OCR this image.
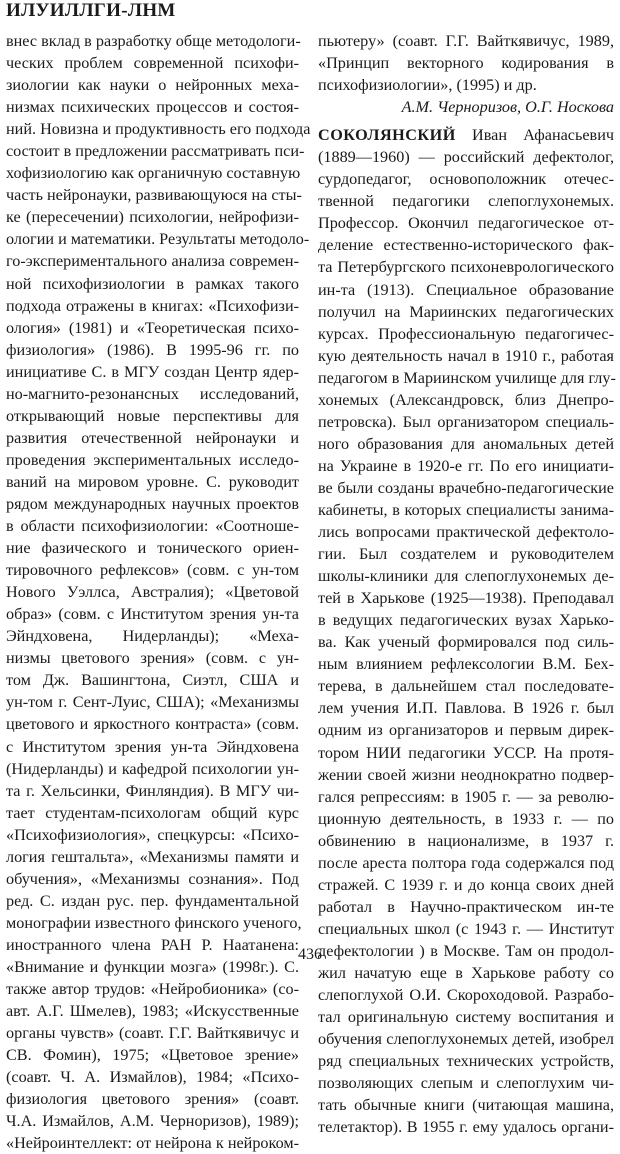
ИЛУИЛЛГИ-ЛНМ
внес вклад в разработку обще методологи-
ческих проблем современной психофи-
зиологии как науки о нейронных меха-
низмах психических процессов и состоя-
ний. Новизна и продуктивность его подхода
состоит в предложении рассматривать пси-
хофизиологию как органичную составную
часть нейронауки, развивающуюся на сты-
ке (пересечении) психологии, нейрофизи-
ологии и математики. Результаты методоло-
го-экспериментального анализа современ-
ной психофизиологии в рамках такого
подхода отражены в книгах: «Психофизи-
ология» (1981) и «Теоретическая психо-
физиология» (1986). В 1995-96 гг. по
инициативе С. в МГУ создан Центр ядер-
но-магнито-резонансных исследований,
открывающий новые перспективы для
развития отечественной нейронауки и
проведения экспериментальных исследо-
ваний на мировом уровне. С. руководит
рядом международных научных проектов
в области психофизиологии: «Соотноше-
ние фазического и тонического ориен-
тировочного рефлексов» (совм. с ун-том
Нового Уэллса, Австралия); «Цветовой
образ» (совм. с Институтом зрения ун-та
Эйндховена, Нидерланды); «Меха-
низмы цветового зрения» (совм. с ун-
том Дж. Вашингтона, Сиэтл, США и
ун-том г. Сент-Луис, США); «Механизмы
цветового и яркостного контраста» (совм.
с Институтом зрения ун-та Эйндховена
(Нидерланды) и кафедрой психологии ун-
та г. Хельсинки, Финляндия). В МГУ чи-
тает студентам-психологам общий курс
«Психофизиология», спецкурсы: «Психо-
логия гештальта», «Механизмы памяти и
обучения», «Механизмы сознания». Под
ред. С. издан рус. пер. фундаментальной
монографии известного финского ученого,
иностранного члена РАН Р. Наатанена:
«Внимание и функции мозга» (1998г.). С.
также автор трудов: «Нейробионика» (со-
авт. А.Г. Шмелев), 1983; «Искусственные
органы чувств» (соавт. Г.Г. Вайткявичус и
СВ. Фомин), 1975; «Цветовое зрение»
(соавт. Ч. А. Измайлов), 1984; «Психо-
физиология цветового зрения» (соавт.
Ч.А. Измайлов, А.М. Черноризов), 1989);
«Нейроинтеллект: от нейрона к нейроком-
пьютеру» (соавт. Г.Г. Вайткявичус, 1989,
«Принцип векторного кодирования в
психофизиологии», (1995) и др.
А.М. Черноризов, О.Г. Носкова
СОКОЛЯНСКИЙ Иван Афанасьевич
(1889—1960) — российский дефектолог,
сурдопедагог, основоположник отечес-
твенной педагогики слепоглухонемых.
Профессор. Окончил педагогическое от-
деление естественно-исторического фак-
та Петербургского психоневрологического
ин-та (1913). Специальное образование
получил на Мариинских педагогических
курсах. Профессиональную педагогичес-
кую деятельность начал в 1910 г., работая
педагогом в Мариинском училище для глу-
хонемых (Александровск, близ Днепро-
петровска). Был организатором специаль-
ного образования для аномальных детей
на Украине в 1920-е гг. По его инициати-
ве были созданы врачебно-педагогические
кабинеты, в которых специалисты занима-
лись вопросами практической дефектоло-
гии. Был создателем и руководителем
школы-клиники для слепоглухонемых де-
тей в Харькове (1925—1938). Преподавал
в ведущих педагогических вузах Харько-
ва. Как ученый формировался под силь-
ным влиянием рефлексологии В.М. Бех-
терева, в дальнейшем стал последовате-
лем учения И.П. Павлова. В 1926 г. был
одним из организаторов и первым дирек-
тором НИИ педагогики УССР. На протя-
жении своей жизни неоднократно подвер-
гался репрессиям: в 1905 г. — за револю-
ционную деятельность, в 1933 г. — по
обвинению в национализме, в 1937 г.
после ареста полтора года содержался под
стражей. С 1939 г. и до конца своих дней
работал в Научно-практическом ин-те
специальных школ (с 1943 г. — Институт
дефектологии ) в Москве. Там он продол-
жил начатую еще в Харькове работу со
слепоглухой О.И. Скороходовой. Разрабо-
тал оригинальную систему воспитания и
обучения слепоглухонемых детей, изобрел
ряд специальных технических устройств,
позволяющих слепым и слепоглухим чи-
тать обычные книги (читающая машина,
телетактор). В 1955 г. ему удалось органи-
436
